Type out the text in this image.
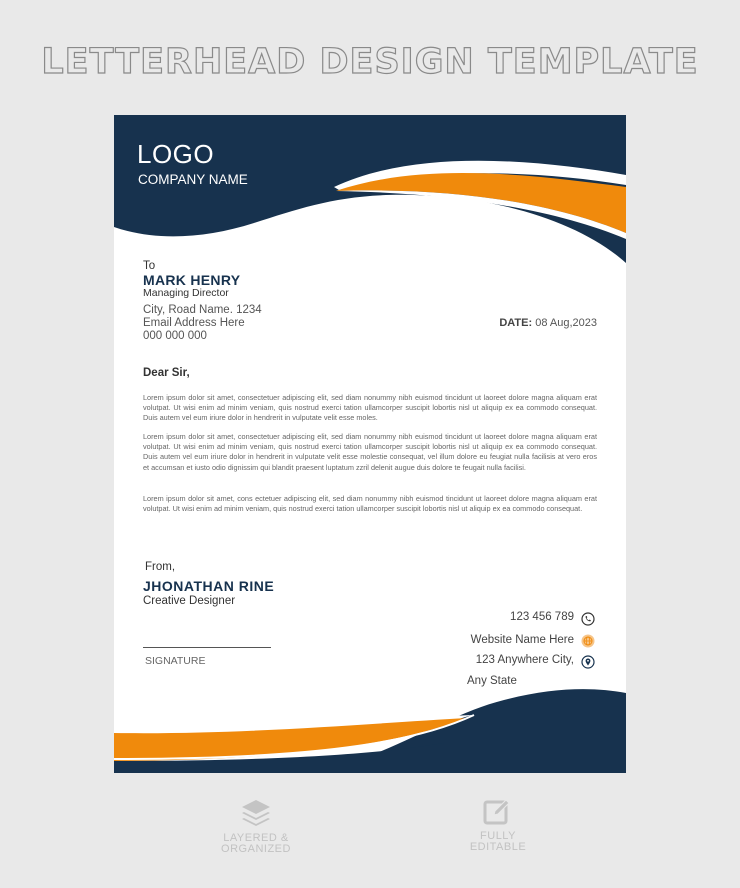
LETTERHEAD DESIGN TEMPLATE
LOGO
COMPANY NAME
To
MARK HENRY
Managing Director
City, Road Name. 1234
Email Address Here
000 000 000
DATE: 08 Aug,2023
Dear Sir,
Lorem ipsum dolor sit amet, consectetuer adipiscing elit, sed diam nonummy nibh euismod tincidunt ut laoreet dolore magna aliquam erat volutpat. Ut wisi enim ad minim veniam, quis nostrud exerci tation ullamcorper suscipit lobortis nisl ut aliquip ex ea commodo consequat. Duis autem vel eum iriure dolor in hendrerit in vulputate velit esse moles.
Lorem ipsum dolor sit amet, consectetuer adipiscing elit, sed diam nonummy nibh euismod tincidunt ut laoreet dolore magna aliquam erat volutpat. Ut wisi enim ad minim veniam, quis nostrud exerci tation ullamcorper suscipit lobortis nisl ut aliquip ex ea commodo consequat. Duis autem vel eum iriure dolor in hendrerit in vulputate velit esse molestie consequat, vel illum dolore eu feugiat nulla facilisis at vero eros et accumsan et iusto odio dignissim qui blandit praesent luptatum zzril delenit augue duis dolore te feugait nulla facilisi.
Lorem ipsum dolor sit amet, cons ectetuer adipiscing elit, sed diam nonummy nibh euismod tincidunt ut laoreet dolore magna aliquam erat volutpat. Ut wisi enim ad minim veniam, quis nostrud exerci tation ullamcorper suscipit lobortis nisl ut aliquip ex ea commodo consequat.
From,
JHONATHAN RINE
Creative Designer
SIGNATURE
123 456 789
Website Name Here
123 Anywhere City,
Any State
LAYERED &
ORGANIZED
FULLY
EDITABLE
